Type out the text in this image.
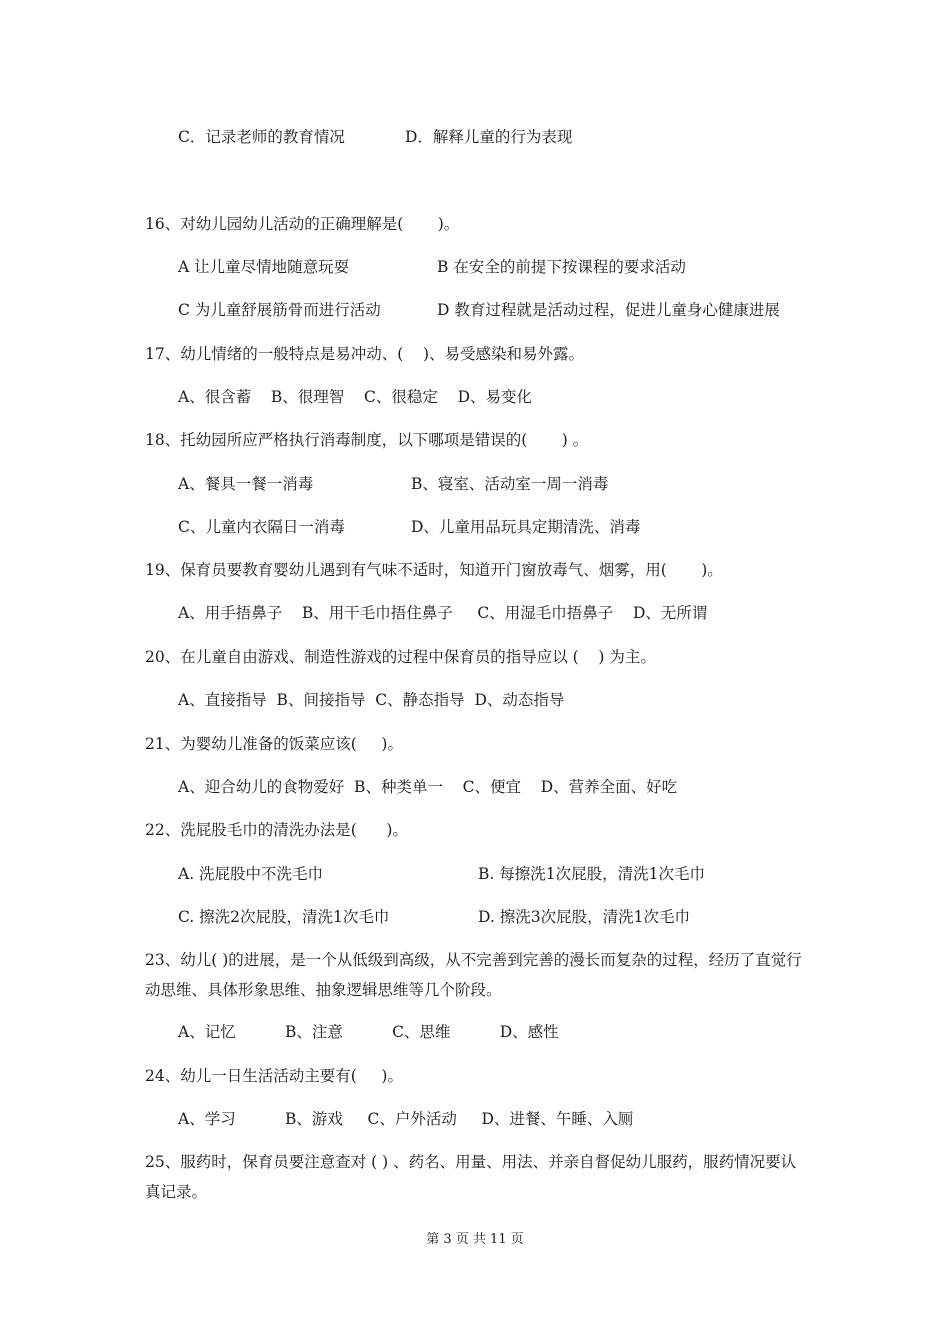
C．记录老师的教育情况	D．解释儿童的行为表现
16、对幼儿园幼儿活动的正确理解是(       )。
A 让儿童尽情地随意玩耍	B 在安全的前提下按课程的要求活动
C 为儿童舒展筋骨而进行活动	D 教育过程就是活动过程，促进儿童身心健康进展
17、幼儿情绪的一般特点是易冲动、(    )、易受感染和易外露。
A、很含蓄    B、很理智    C、很稳定    D、易变化
18、托幼园所应严格执行消毒制度，以下哪项是错误的(       ) 。
A、餐具一餐一消毒	B、寝室、活动室一周一消毒
C、儿童内衣隔日一消毒	D、儿童用品玩具定期清洗、消毒
19、保育员要教育婴幼儿遇到有气味不适时，知道开门窗放毒气、烟雾，用(       )。
A、用手捂鼻子    B、用干毛巾捂住鼻子     C、用湿毛巾捂鼻子    D、无所谓
20、在儿童自由游戏、制造性游戏的过程中保育员的指导应以 (    ) 为主。
A、直接指导  B、间接指导  C、静态指导  D、动态指导
21、为婴幼儿准备的饭菜应该(     )。
A、迎合幼儿的食物爱好  B、种类单一    C、便宜    D、营养全面、好吃
22、洗屁股毛巾的清洗办法是(      )。
A. 洗屁股中不洗毛巾	B. 每擦洗1次屁股，清洗1次毛巾
C. 擦洗2次屁股，清洗1次毛巾	D. 擦洗3次屁股，清洗1次毛巾
23、幼儿( )的进展，是一个从低级到高级，从不完善到完善的漫长而复杂的过程，经历了直觉行动思维、具体形象思维、抽象逻辑思维等几个阶段。
A、记忆          B、注意          C、思维          D、感性
24、幼儿一日生活活动主要有(     )。
A、学习          B、游戏     C、户外活动     D、进餐、午睡、入厕
25、服药时，保育员要注意查对 ( ) 、药名、用量、用法、并亲自督促幼儿服药，服药情况要认真记录。
第 3 页 共 11 页
